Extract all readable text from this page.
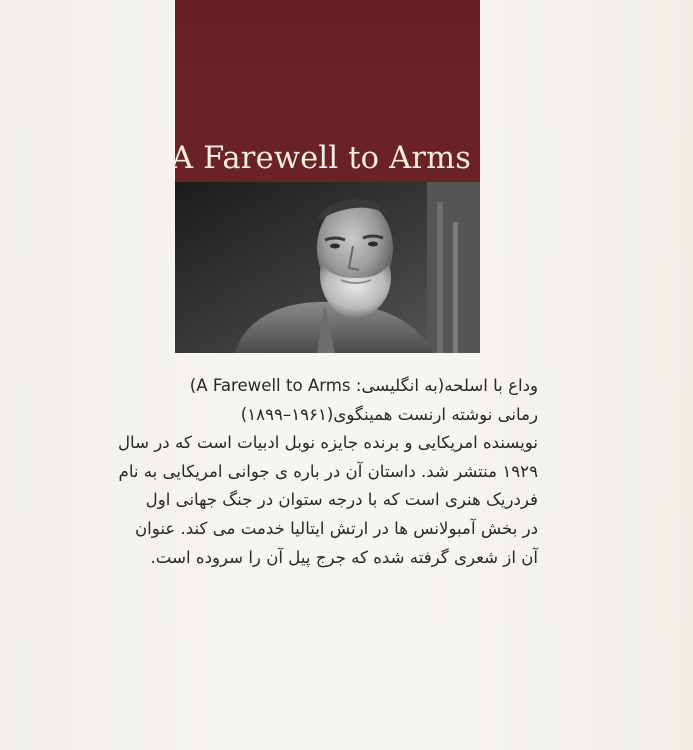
A Farewell to Arms

وداع با اسلحه(به انگلیسی: A Farewell to Arms)
رمانی نوشته ارنست همینگوی(۱۹۶۱–۱۸۹۹)
نویسنده امریکایی و برنده جایزه نوبل ادبیات است که در سال
۱۹۲۹ منتشر شد. داستان آن در باره ی جوانی امریکایی به نام
فردریک هنری است که با درجه ستوان در جنگ جهانی اول
در بخش آمبولانس ها در ارتش ایتالیا خدمت می کند. عنوان
آن از شعری گرفته شده که جرج پیل آن را سروده است.
